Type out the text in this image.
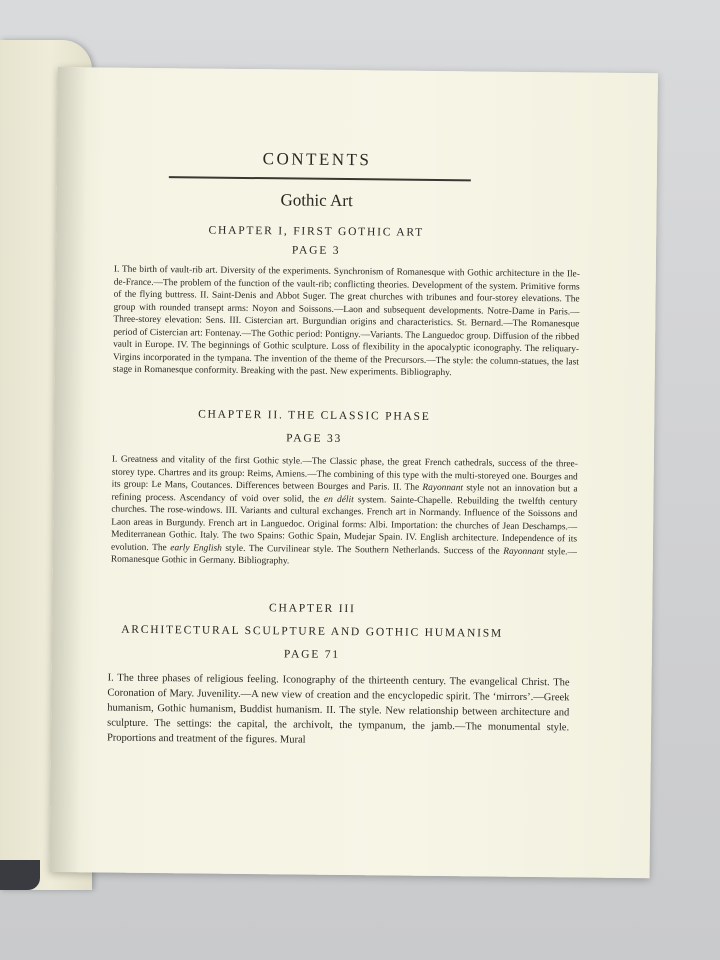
CONTENTS
Gothic Art
CHAPTER I, FIRST GOTHIC ART
PAGE 3
I. The birth of vault-rib art. Diversity of the experiments. Synchronism of Romanesque with Gothic architecture in the Ile-de-France.—The problem of the function of the vault-rib; conflicting theories. Development of the system. Primitive forms of the flying buttress. II. Saint-Denis and Abbot Suger. The great churches with tribunes and four-storey elevations. The group with rounded transept arms: Noyon and Soissons.—Laon and subsequent developments. Notre-Dame in Paris.—Three-storey elevation: Sens. III. Cistercian art. Burgundian origins and characteristics. St. Bernard.—The Romanesque period of Cistercian art: Fontenay.—The Gothic period: Pontigny.—Variants. The Languedoc group. Diffusion of the ribbed vault in Europe. IV. The beginnings of Gothic sculpture. Loss of flexibility in the apocalyptic iconography. The reliquary-Virgins incorporated in the tympana. The invention of the theme of the Precursors.—The style: the column-statues, the last stage in Romanesque conformity. Breaking with the past. New experiments. Bibliography.
CHAPTER II. THE CLASSIC PHASE
PAGE 33
I. Greatness and vitality of the first Gothic style.—The Classic phase, the great French cathedrals, success of the three-storey type. Chartres and its group: Reims, Amiens.—The combining of this type with the multi-storeyed one. Bourges and its group: Le Mans, Coutances. Differences between Bourges and Paris. II. The Rayonnant style not an innovation but a refining process. Ascendancy of void over solid, the en délit system. Sainte-Chapelle. Rebuilding the twelfth century churches. The rose-windows. III. Variants and cultural exchanges. French art in Normandy. Influence of the Soissons and Laon areas in Burgundy. French art in Languedoc. Original forms: Albi. Importation: the churches of Jean Deschamps.—Mediterranean Gothic. Italy. The two Spains: Gothic Spain, Mudejar Spain. IV. English architecture. Independence of its evolution. The early English style. The Curvilinear style. The Southern Netherlands. Success of the Rayonnant style.—Romanesque Gothic in Germany. Bibliography.
CHAPTER III
ARCHITECTURAL SCULPTURE AND GOTHIC HUMANISM
PAGE 71
I. The three phases of religious feeling. Iconography of the thirteenth century. The evangelical Christ. The Coronation of Mary. Juvenility.—A new view of creation and the encyclopedic spirit. The ‘mirrors’.—Greek humanism, Gothic humanism, Buddist humanism. II. The style. New relationship between architecture and sculpture. The settings: the capital, the archivolt, the tympanum, the jamb.—The monumental style. Proportions and treatment of the figures. Mural
